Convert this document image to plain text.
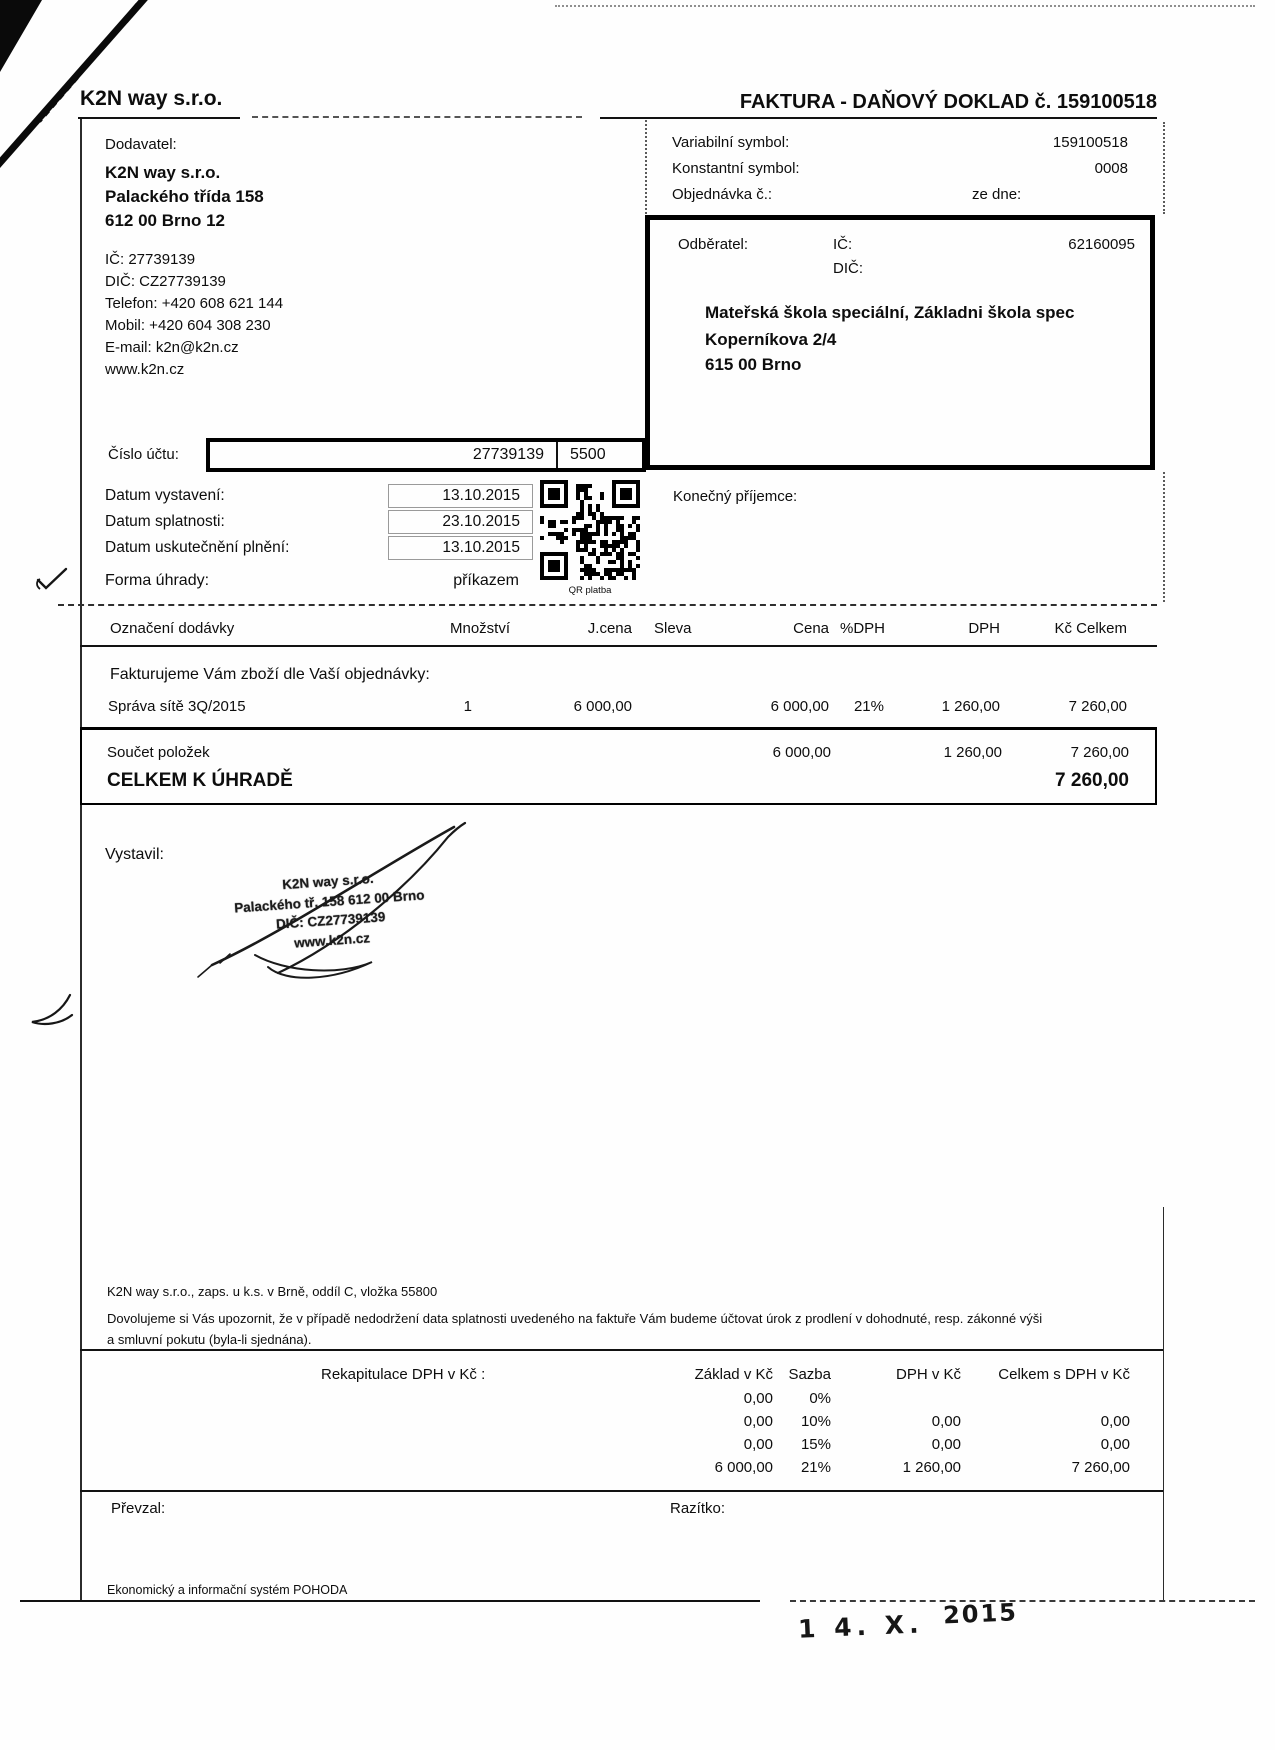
K2N way s.r.o.	FAKTURA - DAŇOVÝ DOKLAD č. 159100518
Dodavatel:
K2N way s.r.o.
Palackého třída 158
612 00 Brno 12
IČ: 27739139
DIČ: CZ27739139
Telefon: +420 608 621 144
Mobil: +420 604 308 230
E-mail: k2n@k2n.cz
www.k2n.cz
Variabilní symbol:	159100518
Konstantní symbol:	0008
Objednávka č.:	ze dne:
Odběratel:	IČ:	62160095
DIČ:
Mateřská škola speciální, Základni škola spec
Koperníkova 2/4
615 00 Brno
Číslo účtu:	27739139 5500
Datum vystavení:	13.10.2015
Datum splatnosti:	23.10.2015
Datum uskutečnění plnění:	13.10.2015
Forma úhrady:	příkazem
QR platba
Konečný příjemce:
Označení dodávky	Množství	J.cena Sleva	Cena %DPH	DPH	Kč Celkem
Fakturujeme Vám zboží dle Vaší objednávky:
Správa sítě 3Q/2015	1	6 000,00	6 000,00	21%	1 260,00	7 260,00
Součet položek	6 000,00	1 260,00	7 260,00
CELKEM K ÚHRADĚ	7 260,00
Vystavil:
K2N way s.r.o.
Palackého tř. 158 612 00 Brno
DIČ: CZ27739139
www.k2n.cz
K2N way s.r.o., zaps. u k.s. v Brně, oddíl C, vložka 55800
Dovolujeme si Vás upozornit, že v případě nedodržení data splatnosti uvedeného na faktuře Vám budeme účtovat úrok z prodlení v dohodnuté, resp. zákonné výši
a smluvní pokutu (byla-li sjednána).
Rekapitulace DPH v Kč :	Základ v Kč	Sazba	DPH v Kč	Celkem s DPH v Kč
0,00	0%
0,00	10%	0,00	0,00
0,00	15%	0,00	0,00
6 000,00	21%	1 260,00	7 260,00
Převzal:	Razítko:
Ekonomický a informační systém POHODA
1 4. X. 2015
